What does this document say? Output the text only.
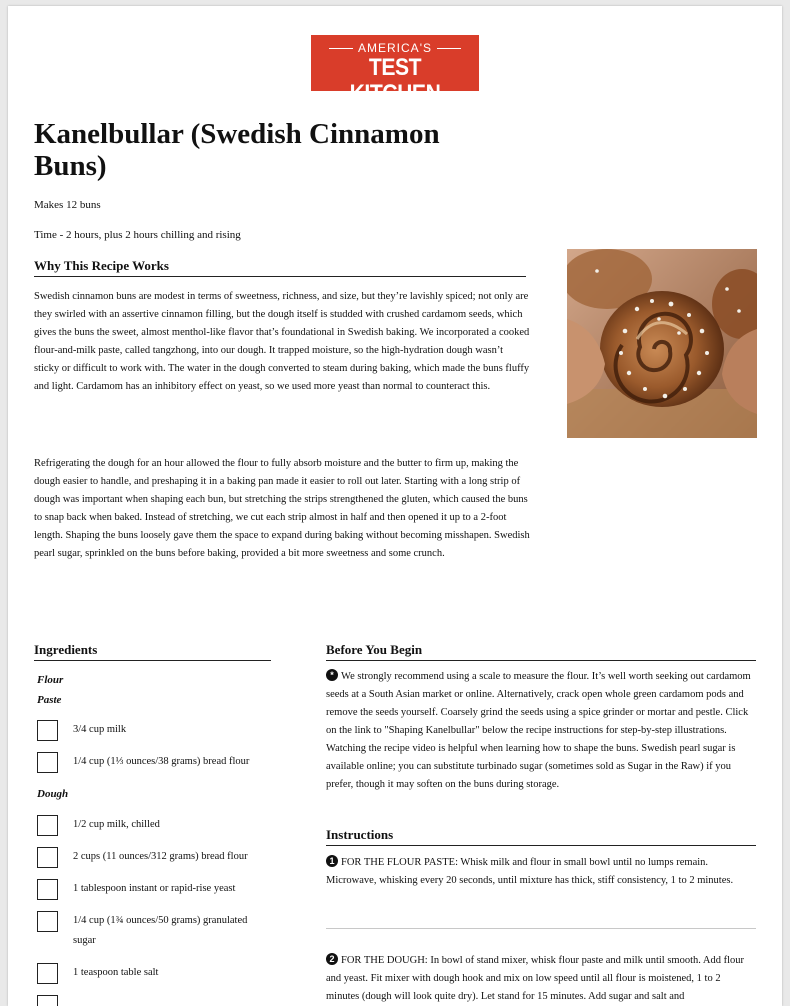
AMERICA'S
TEST KITCHEN
Kanelbullar (Swedish Cinnamon Buns)
Makes 12 buns
Time - 2 hours, plus 2 hours chilling and rising
Why This Recipe Works

Swedish cinnamon buns are modest in terms of sweetness, richness, and size, but they’re lavishly spiced; not only are they swirled with an assertive cinnamon filling, but the dough itself is studded with crushed cardamom seeds, which gives the buns the sweet, almost menthol-like flavor that’s foundational in Swedish baking. We incorporated a cooked flour-and-milk paste, called tangzhong, into our dough. It trapped moisture, so the high-hydration dough wasn’t sticky or difficult to work with. The water in the dough converted to steam during baking, which made the buns fluffy and light. Cardamom has an inhibitory effect on yeast, so we used more yeast than normal to counteract this.

Refrigerating the dough for an hour allowed the flour to fully absorb moisture and the butter to firm up, making the dough easier to handle, and preshaping it in a baking pan made it easier to roll out later. Starting with a long strip of dough was important when shaping each bun, but stretching the strips strengthened the gluten, which caused the buns to snap back when baked. Instead of stretching, we cut each strip almost in half and then opened it up to a 2-foot length. Shaping the buns loosely gave them the space to expand during baking without becoming misshapen. Swedish pearl sugar, sprinkled on the buns before baking, provided a bit more sweetness and some crunch.

Ingredients
Flour
Paste
3/4 cup milk
1/4 cup (1⅓ ounces/38 grams) bread flour
Dough
1/2 cup milk, chilled
2 cups (11 ounces/312 grams) bread flour
1 tablespoon instant or rapid-rise yeast
1/4 cup (1¾ ounces/50 grams) granulated sugar
1 teaspoon table salt
Before You Begin

* We strongly recommend using a scale to measure the flour. It’s well worth seeking out cardamom seeds at a South Asian market or online. Alternatively, crack open whole green cardamom pods and remove the seeds yourself. Coarsely grind the seeds using a spice grinder or mortar and pestle. Click on the link to "Shaping Kanelbullar" below the recipe instructions for step-by-step illustrations. Watching the recipe video is helpful when learning how to shape the buns. Swedish pearl sugar is available online; you can substitute turbinado sugar (sometimes sold as Sugar in the Raw) if you prefer, though it may soften on the buns during storage.

Instructions

1 FOR THE FLOUR PASTE: Whisk milk and flour in small bowl until no lumps remain. Microwave, whisking every 20 seconds, until mixture has thick, stiff consistency, 1 to 2 minutes.

2 FOR THE DOUGH: In bowl of stand mixer, whisk flour paste and milk until smooth. Add flour and yeast. Fit mixer with dough hook and mix on low speed until all flour is moistened, 1 to 2 minutes (dough will look quite dry). Let stand for 15 minutes. Add sugar and salt and
